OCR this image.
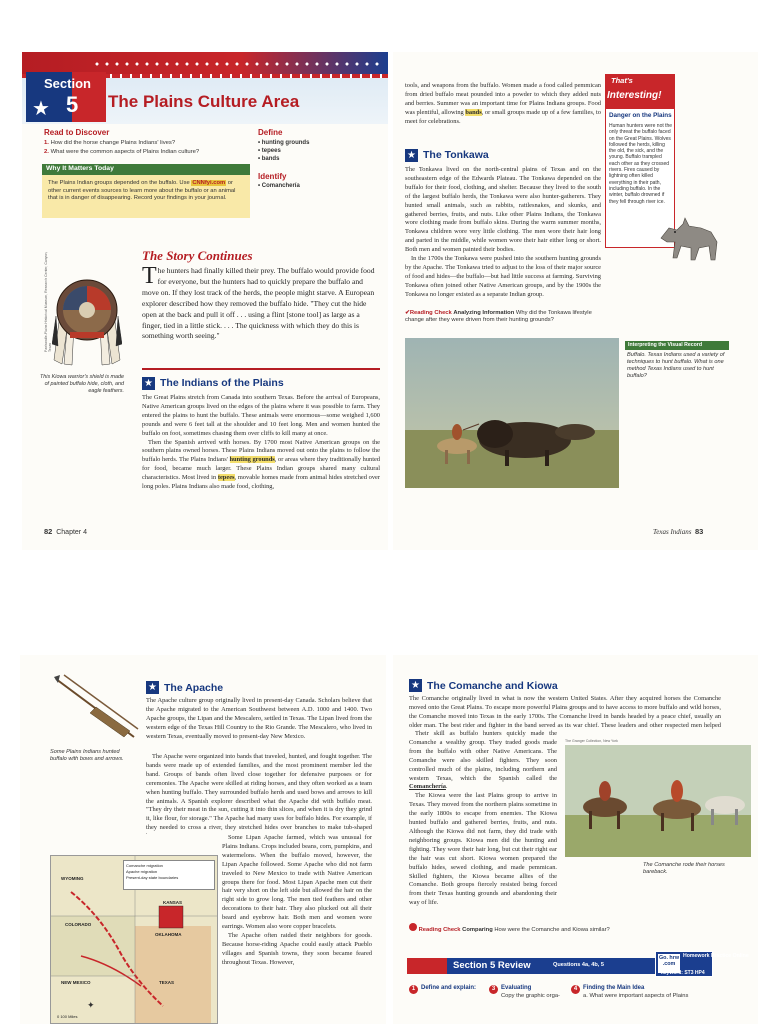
★
Section
5 The Plains Culture Area
Read to Discover
1. How did the horse change Plains Indians' lives?
2. What were the common aspects of Plains Indian culture?
Define
• hunting grounds
• tepees
• bands
Identify
• Comanchería
Why It Matters Today
The Plains Indian groups depended on the buffalo. Use CNNfyi.com or other current events sources to learn more about the buffalo or an animal that is in danger of disappearing. Record your findings in your journal.
Panhandle-Plains Historical Museum, Research Center, Canyon, Texas
This Kiowa warrior's shield is made of painted buffalo hide, cloth, and eagle feathers.
The Story Continues
The hunters had finally killed their prey. The buffalo would provide food for everyone, but the hunters had to quickly prepare the buffalo and move on. If they lost track of the herds, the people might starve. A European explorer described how they removed the buffalo hide. "They cut the hide open at the back and pull it off . . . using a flint [stone tool] as large as a finger, tied in a little stick. . . . The quickness with which they do this is something worth seeing."
★ The Indians of the Plains
The Great Plains stretch from Canada into southern Texas. Before the arrival of Europeans, Native American groups lived on the edges of the plains where it was possible to farm. They entered the plains to hunt the buffalo. These animals were enormous—some weighed 1,600 pounds and were 6 feet tall at the shoulder and 10 feet long. Men and women hunted the buffalo on foot, sometimes chasing them over cliffs to kill many at once.
Then the Spanish arrived with horses. By 1700 most Native American groups on the southern plains owned horses. These Plains Indians moved out onto the plains to follow the buffalo herds. The Plains Indians' hunting grounds, or areas where they traditionally hunted for food, became much larger. These Plains Indian groups shared many cultural characteristics. Most lived in tepees, movable homes made from animal hides stretched over long poles. Plains Indians also made food, clothing,
82 Chapter 4
tools, and weapons from the buffalo. Women made a food called pemmican from dried buffalo meat pounded into a powder to which they added nuts and berries. Summer was an important time for Plains Indians groups. Food was plentiful, allowing bands, or small groups made up of a few families, to meet for celebrations.
★ The Tonkawa
The Tonkawa lived on the north-central plains of Texas and on the southeastern edge of the Edwards Plateau. The Tonkawa depended on the buffalo for their food, clothing, and shelter. Because they lived to the south of the largest buffalo herds, the Tonkawa were also hunter-gatherers. They hunted small animals, such as rabbits, rattlesnakes, and skunks, and gathered berries, fruits, and nuts. Like other Plains Indians, the Tonkawa wore clothing made from buffalo skins. During the warm summer months, Tonkawa children wore very little clothing. The men wore their hair long and parted in the middle, while women wore their hair either long or short. Both men and women painted their bodies.
In the 1700s the Tonkawa were pushed into the southern hunting grounds by the Apache. The Tonkawa tried to adjust to the loss of their major source of food and hides—the buffalo—but had little success at farming. Surviving Tonkawa often joined other Native American groups, and by the 1900s the Tonkawa no longer existed as a separate Indian group.
✔Reading Check Analyzing Information Why did the Tonkawa lifestyle change after they were driven from their hunting grounds?
That's
Interesting!
Danger on the Plains
Human hunters were not the only threat the buffalo faced on the Great Plains. Wolves followed the herds, killing the old, the sick, and the young. Buffalo trampled each other as they crossed rivers. Fires caused by lightning often killed everything in their path, including buffalo. In the winter, buffalo drowned if they fell through river ice.
Interpreting the Visual Record
Buffalo. Texas Indians used a variety of techniques to hunt buffalo. What is one method Texas Indians used to hunt buffalo?
Texas Indians 83
Some Plains Indians hunted buffalo with bows and arrows.
★ The Apache
The Apache culture group originally lived in present-day Canada. Scholars believe that the Apache migrated to the American Southwest between A.D. 1000 and 1400. Two Apache groups, the Lipan and the Mescalero, settled in Texas. The Lipan lived from the western edge of the Texas Hill Country to the Rio Grande. The Mescalero, who lived in western Texas, eventually moved to present-day New Mexico.
The Apache were organized into bands that traveled, hunted, and fought together. The bands were made up of extended families, and the most prominent member led the band. Groups of bands often lived close together for defensive purposes or for ceremonies. The Apache were skilled at riding horses, and they often worked as a team when hunting buffalo. They surrounded buffalo herds and used bows and arrows to kill the animals. A Spanish explorer described what the Apache did with buffalo meat. "They dry their meat in the sun, cutting it into thin slices, and when it is dry they grind it, like flour, for storage." The Apache had many uses for buffalo hides. For example, if they needed to cross a river, they stretched hides over branches to make tub-shaped
Some Lipan Apache farmed, which was unusual for Plains Indians. Crops included beans, corn, pumpkins, and watermelons. When the buffalo moved, however, the Lipan Apache followed. Some Apache who did not farm traveled to New Mexico to trade with Native American groups there for food. Most Lipan Apache men cut their hair very short on the left side but allowed the hair on the right side to grow long. The men tied feathers and other decorations to their hair. They also plucked out all their beard and eyebrow hair. Both men and women wore earrings. Women also wore copper bracelets.
The Apache often raided their neighbors for goods. Because horse-riding Apache could easily attack Pueblo villages and Spanish towns, they soon became feared throughout Texas. However,
Comanche migration
Apache migration
Present-day state boundaries
WYOMING
COLORADO
NEW MEXICO
OKLAHOMA
TEXAS
KANSAS
✦
0 100 Miles
★ The Comanche and Kiowa
The Comanche originally lived in what is now the western United States. After they acquired horses the Comanche moved onto the Great Plains. To escape more powerful Plains groups and to have access to more buffalo and wild horses, the Comanche moved into Texas in the early 1700s. The Comanche lived in bands headed by a peace chief, usually an older man. The best rider and fighter in the band served as its war chief. These leaders and other respected men helped
Their skill as buffalo hunters quickly made the Comanche a wealthy group. They traded goods made from the buffalo with other Native Americans. The Comanche were also skilled fighters. They soon controlled much of the plains, including northern and western Texas, which the Spanish called the Comanchería.
The Kiowa were the last Plains group to arrive in Texas. They moved from the northern plains sometime in the early 1800s to escape from enemies. The Kiowa hunted buffalo and gathered berries, fruits, and nuts. Although the Kiowa did not farm, they did trade with neighboring groups. Kiowa men did the hunting and fighting. They wore their hair long, but cut their right ear the hair was cut short. Kiowa women prepared the buffalo hides, sewed clothing, and made pemmican. Skilled fighters, the Kiowa became allies of the Comanche. Both groups fiercely resisted being forced from their Texas hunting grounds and abandoning their way of life.
The Granger Collection, New York
The Comanche rode their horses bareback.
Reading Check Comparing How were the Comanche and Kiowa similar?
Section 5 Review	Questions 4a, 4b, 5
Go. hrw .com
Homework Practice Online
keyword: ST3 HP4
1 Define and explain:	3 Evaluating
Copy the graphic orga-
4 Finding the Main Idea
a. What were important aspects of Plains
